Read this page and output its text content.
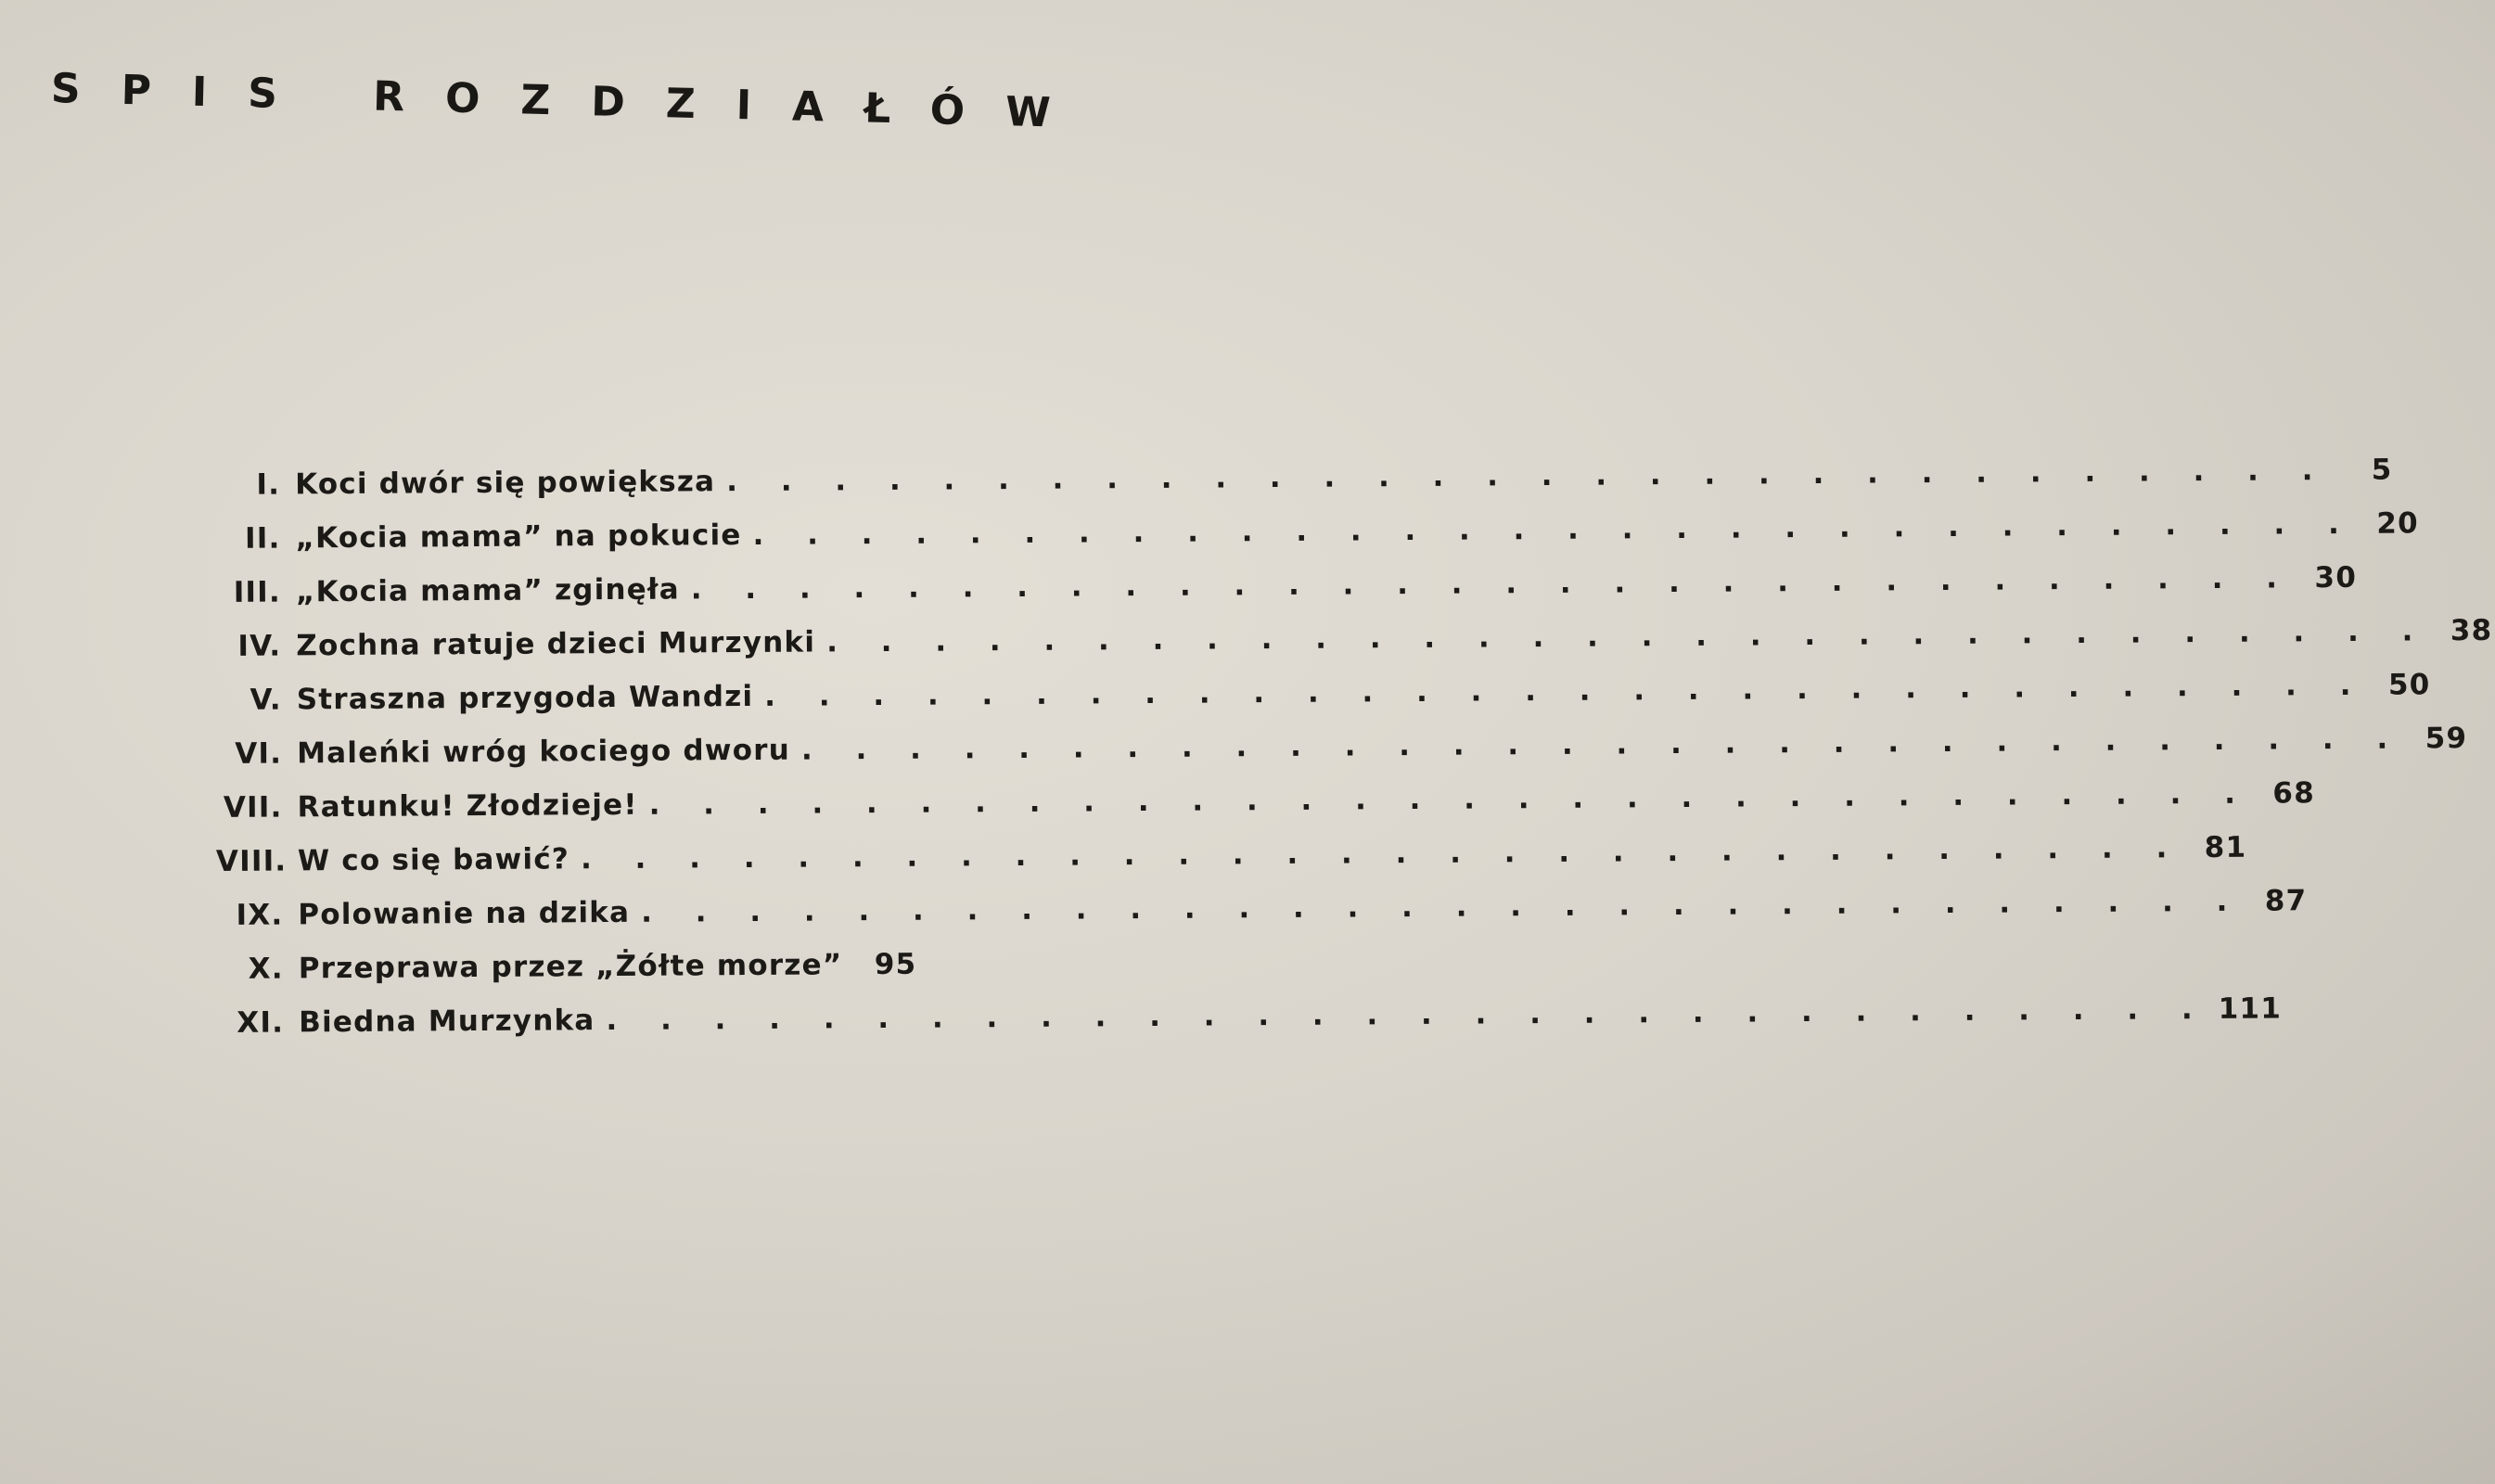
SPIS ROZDZIAŁÓW
I. Koci dwór się powiększa . . . . . . . . . . . . . . . . . . . . . . . . . . . . . .	5
II. „Kocia mama” na pokucie . . . . . . . . . . . . . . . . . . . . . . . . . . . . . . 20
III. „Kocia mama” zginęła . . . . . . . . . . . . . . . . . . . . . . . . . . . . . . 30
IV. Zochna ratuje dzieci Murzynki . . . . . . . . . . . . . . . . . . . . . . . . . . . . . . 38
V. Straszna przygoda Wandzi . . . . . . . . . . . . . . . . . . . . . . . . . . . . . . 50
VI. Maleńki wróg kociego dworu . . . . . . . . . . . . . . . . . . . . . . . . . . . . . . 59
VII. Ratunku! Złodzieje! . . . . . . . . . . . . . . . . . . . . . . . . . . . . . . 68
VIII. W co się bawić? . . . . . . . . . . . . . . . . . . . . . . . . . . . . . . 81
IX. Polowanie na dzika . . . . . . . . . . . . . . . . . . . . . . . . . . . . . . 87
X. Przeprawa przez „Żółte morze”	95
XI. Biedna Murzynka . . . . . . . . . . . . . . . . . . . . . . . . . . . . . . 111
